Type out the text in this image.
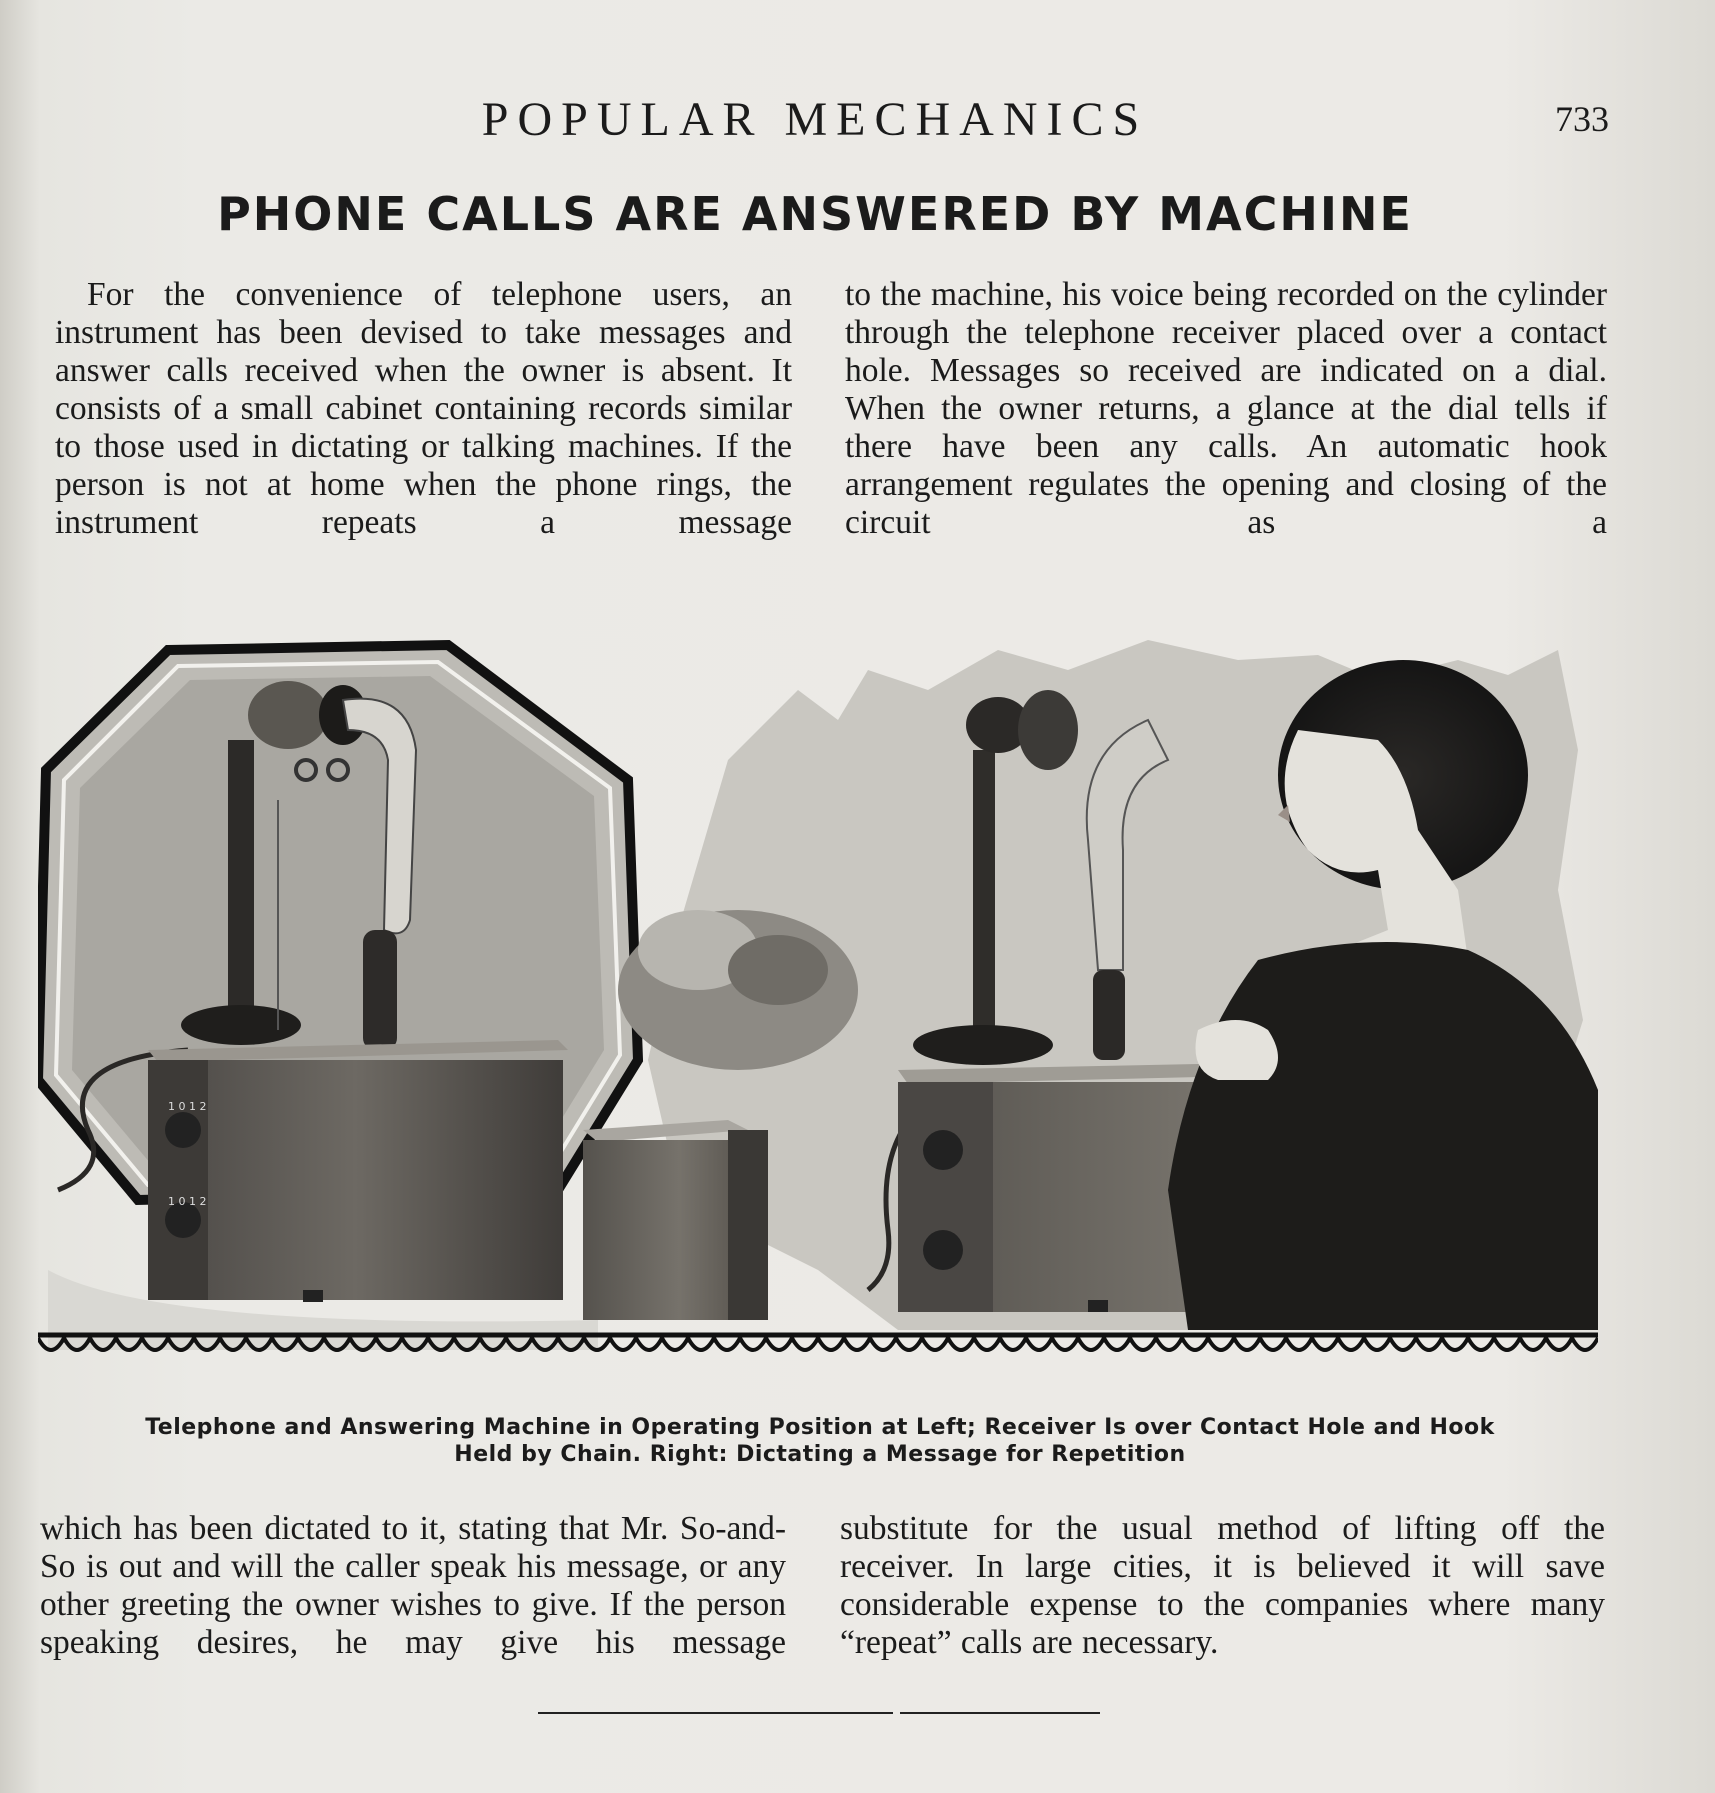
POPULAR MECHANICS	733
PHONE CALLS ARE ANSWERED BY MACHINE

For the convenience of telephone users, an instrument has been devised to take messages and answer calls received when the owner is absent. It consists of a small cabinet containing records similar to those used in dictating or talking machines. If the person is not at home when the phone rings, the instrument repeats a message

to the machine, his voice being recorded on the cylinder through the telephone receiver placed over a contact hole. Messages so received are indicated on a dial. When the owner returns, a glance at the dial tells if there have been any calls. An automatic hook arrangement regulates the opening and closing of the circuit as a

1 0 1 2
1 0 1 2
Telephone and Answering Machine in Operating Position at Left; Receiver Is over Contact Hole and Hook
Held by Chain. Right: Dictating a Message for Repetition

which has been dictated to it, stating that Mr. So-and-So is out and will the caller speak his message, or any other greeting the owner wishes to give. If the person speaking desires, he may give his message

substitute for the usual method of lifting off the receiver. In large cities, it is believed it will save considerable expense to the companies where many “repeat” calls are necessary.
